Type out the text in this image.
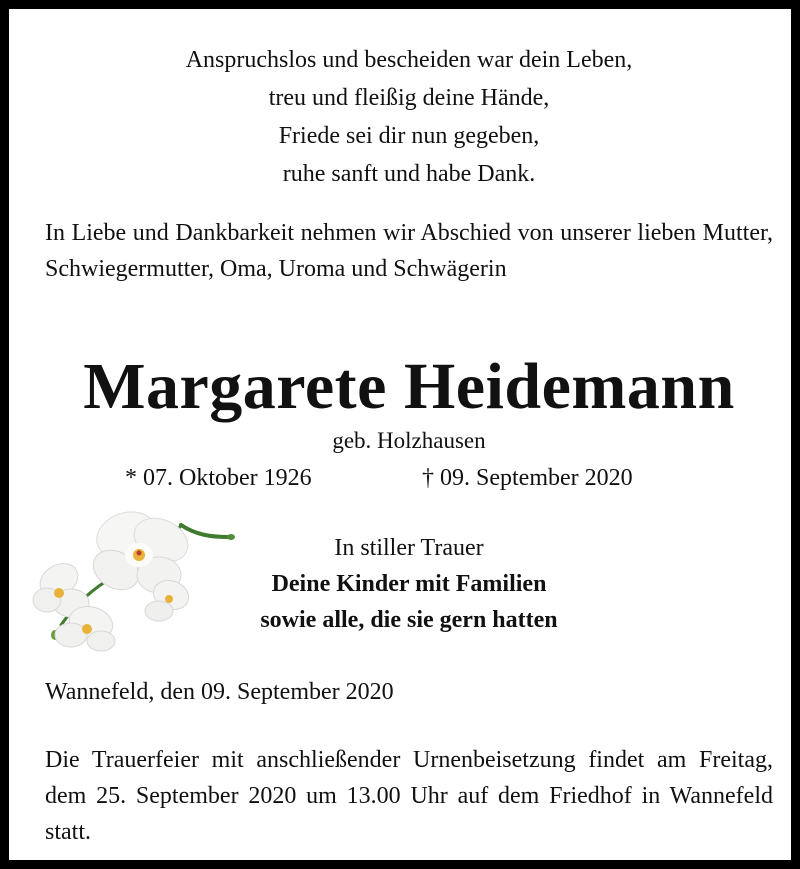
Anspruchslos und bescheiden war dein Leben,
treu und fleißig deine Hände,
Friede sei dir nun gegeben,
ruhe sanft und habe Dank.
In Liebe und Dankbarkeit nehmen wir Abschied von unserer lieben Mutter, Schwiegermutter, Oma, Uroma und Schwägerin
Margarete Heidemann
geb. Holzhausen
* 07. Oktober 1926	† 09. September 2020
In stiller Trauer
Deine Kinder mit Familien
sowie alle, die sie gern hatten
Wannefeld, den 09. September 2020
Die Trauerfeier mit anschließender Urnenbeisetzung findet am Freitag, dem 25. September 2020 um 13.00 Uhr auf dem Friedhof in Wannefeld statt.
